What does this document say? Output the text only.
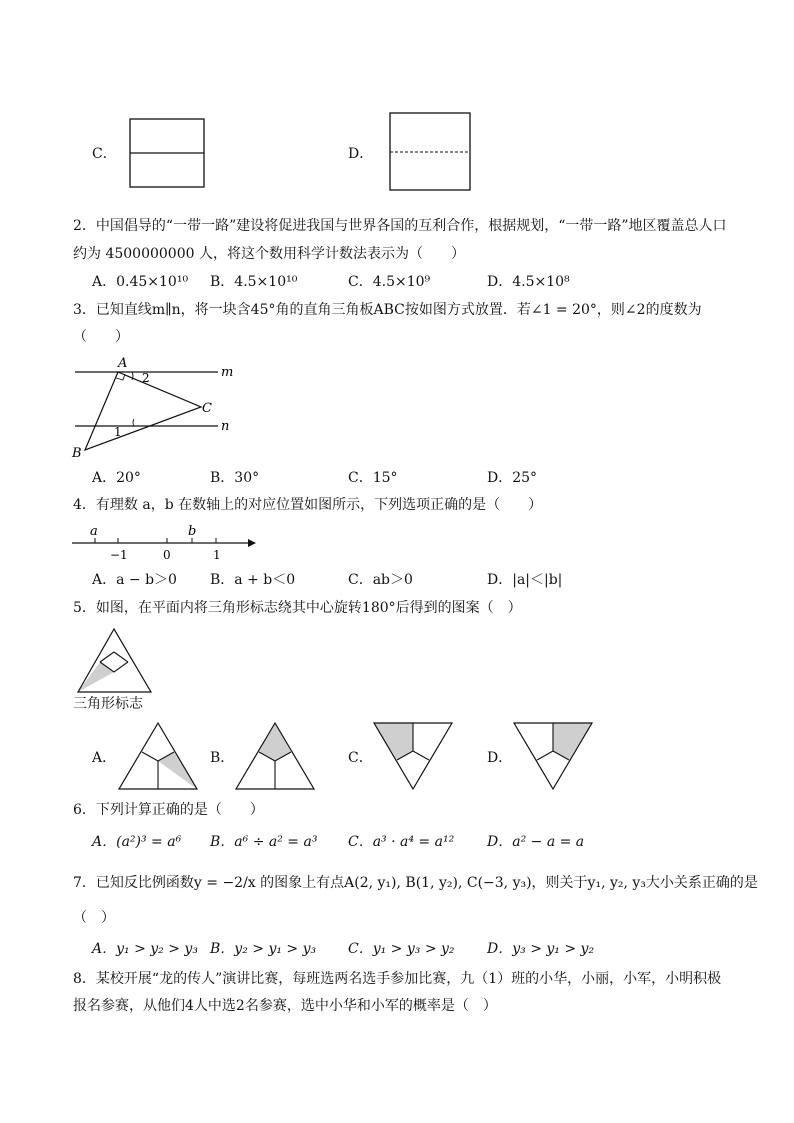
C．	D．
2．中国倡导的“一带一路”建设将促进我国与世界各国的互利合作，根据规划，“一带一路”地区覆盖总人口
约为 4500000000 人，将这个数用科学计数法表示为（　　）
A．0.45×10¹⁰ B．4.5×10¹⁰	C．4.5×10⁹	D．4.5×10⁸
3．已知直线m∥n，将一块含45°角的直角三角板ABC按如图方式放置．若∠1 = 20°，则∠2的度数为
（　　）
A
B
C
m
n
1
2
A．20°	B．30°	C．15°	D．25°
4．有理数 a，b 在数轴上的对应位置如图所示，下列选项正确的是（　　）
a	b
−1	0	1
A．a − b＞0 B．a + b＜0	C．ab＞0	D．|a|＜|b|
5．如图，在平面内将三角形标志绕其中心旋转180°后得到的图案（　）
三角形标志
A．	B．	C．	D．
6．下列计算正确的是（　　）
A．(a²)³ = a⁶ B．a⁶ ÷ a² = a³ C．a³ · a⁴ = a¹² D．a² − a = a
7．已知反比例函数y = −2/x 的图象上有点A(2, y₁), B(1, y₂), C(−3, y₃)，则关于y₁, y₂, y₃大小关系正确的是
（　）
A．y₁ > y₂ > y₃ B．y₂ > y₁ > y₃ C．y₁ > y₃ > y₂ D．y₃ > y₁ > y₂
8．某校开展“龙的传人”演讲比赛，每班选两名选手参加比赛，九（1）班的小华，小丽，小军，小明积极
报名参赛，从他们4人中选2名参赛，选中小华和小军的概率是（　）
